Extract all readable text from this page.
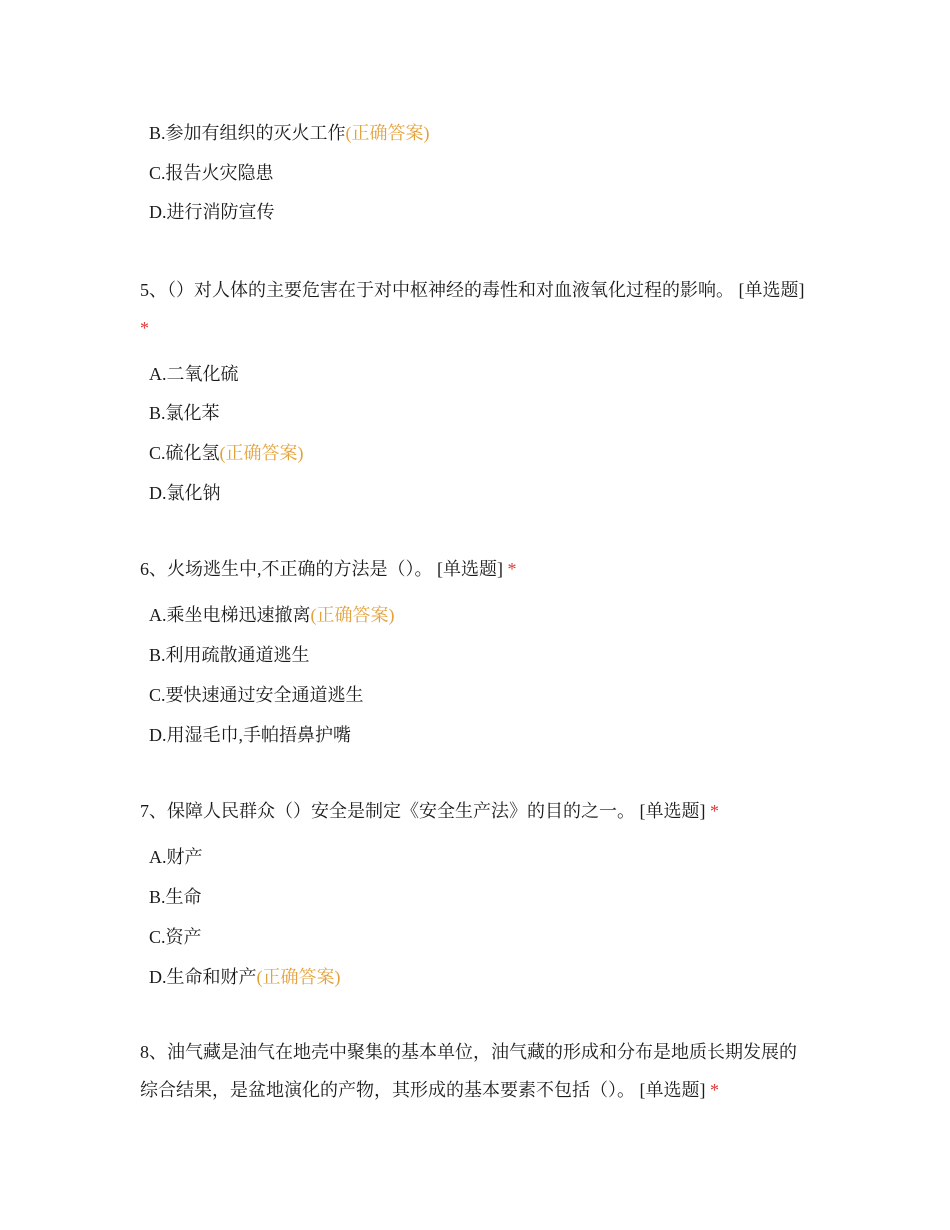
B.参加有组织的灭火工作(正确答案)
C.报告火灾隐患
D.进行消防宣传
5、（）对人体的主要危害在于对中枢神经的毒性和对血液氧化过程的影响。 [单选题] *
A.二氧化硫
B.氯化苯
C.硫化氢(正确答案)
D.氯化钠
6、火场逃生中,不正确的方法是（）。 [单选题] *
A.乘坐电梯迅速撤离(正确答案)
B.利用疏散通道逃生
C.要快速通过安全通道逃生
D.用湿毛巾,手帕捂鼻护嘴
7、保障人民群众（）安全是制定《安全生产法》的目的之一。 [单选题] *
A.财产
B.生命
C.资产
D.生命和财产(正确答案)
8、油气藏是油气在地壳中聚集的基本单位，油气藏的形成和分布是地质长期发展的综合结果，是盆地演化的产物，其形成的基本要素不包括（）。 [单选题] *
